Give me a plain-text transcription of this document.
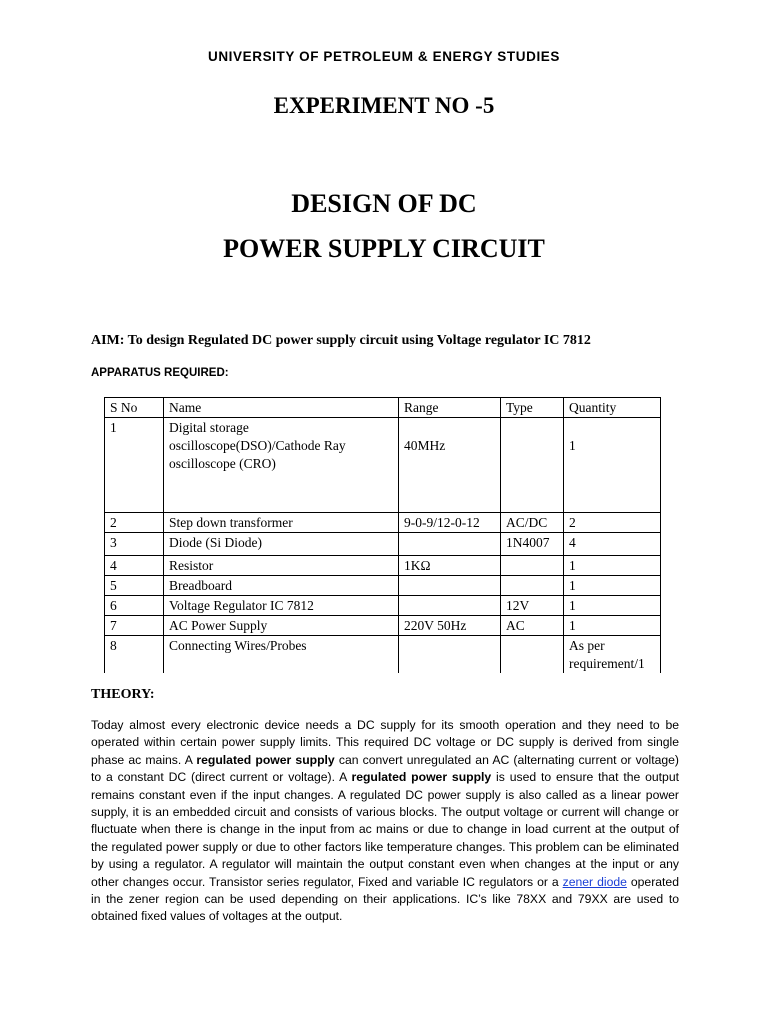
UNIVERSITY OF PETROLEUM & ENERGY STUDIES
EXPERIMENT NO -5
DESIGN OF DC
POWER SUPPLY CIRCUIT
AIM: To design Regulated DC power supply circuit using Voltage regulator IC 7812
APPARATUS REQUIRED:
S No	Name	Range	Type	Quantity
1	Digital storage oscilloscope(DSO)/Cathode Ray oscilloscope (CRO)	40MHz		1
2	Step down transformer	9-0-9/12-0-12	AC/DC	2
3	Diode (Si Diode)		1N4007	4
4	Resistor	1KΩ		1
5	Breadboard			1
6	Voltage Regulator IC 7812		12V	1
7	AC Power Supply	220V 50Hz	AC	1
8	Connecting Wires/Probes			As per requirement/1
THEORY:
Today almost every electronic device needs a DC supply for its smooth operation and they need to be operated within certain power supply limits. This required DC voltage or DC supply is derived from single phase ac mains. A regulated power supply can convert unregulated an AC (alternating current or voltage) to a constant DC (direct current or voltage). A regulated power supply is used to ensure that the output remains constant even if the input changes. A regulated DC power supply is also called as a linear power supply, it is an embedded circuit and consists of various blocks. The output voltage or current will change or fluctuate when there is change in the input from ac mains or due to change in load current at the output of the regulated power supply or due to other factors like temperature changes. This problem can be eliminated by using a regulator. A regulator will maintain the output constant even when changes at the input or any other changes occur. Transistor series regulator, Fixed and variable IC regulators or a zener diode operated in the zener region can be used depending on their applications. IC’s like 78XX and 79XX are used to obtained fixed values of voltages at the output.
